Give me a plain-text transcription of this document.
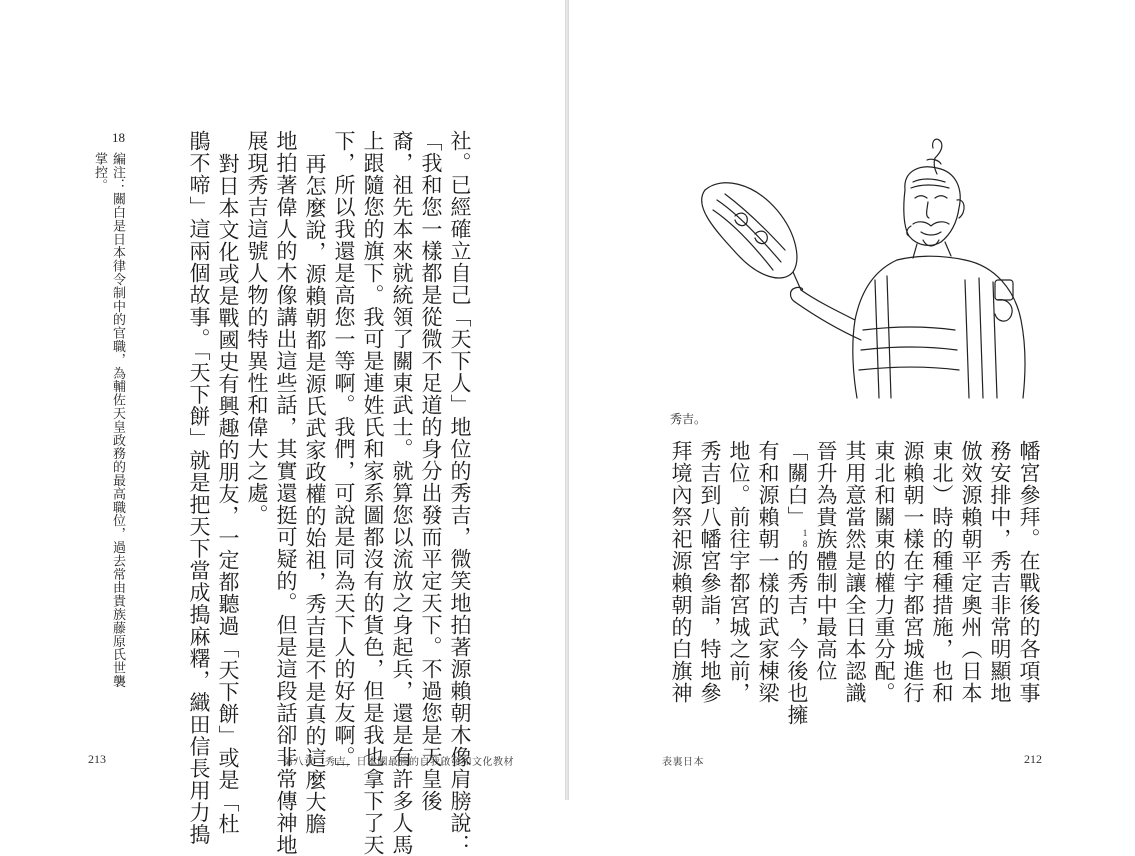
社。已經確立自己「天下人」地位的秀吉，微笑地拍著源賴朝木像肩膀說：
「我和您一樣都是從微不足道的身分出發而平定天下。不過您是天皇後
裔，祖先本來就統領了關東武士。就算您以流放之身起兵，還是有許多人馬
上跟隨您的旗下。我可是連姓氏和家系圖都沒有的貨色，但是我也拿下了天
下，所以我還是高您一等啊。我們，可說是同為天下人的好友啊。」
再怎麼說，源賴朝都是源氏武家政權的始祖，秀吉是不是真的這麼大膽
地拍著偉人的木像講出這些話，其實還挺可疑的。但是這段話卻非常傳神地
展現秀吉這號人物的特異性和偉大之處。
對日本文化或是戰國史有興趣的朋友，一定都聽過「天下餅」或是「杜
鵑不啼」這兩個故事。「天下餅」就是把天下當成搗麻糬，織田信長用力搗
18
編注：關白是日本律令制中的官職，為輔佐天皇政務的最高職位，過去常由貴族藤原氏世襲
掌控。
213	第八章　秀吉，日本國最強的自我啟發和文化教材
秀吉。
幡宮參拜。在戰後的各項事
務安排中，秀吉非常明顯地
倣效源賴朝平定奧州（日本
東北）時的種種措施，也和
源賴朝一樣在宇都宮城進行
東北和關東的權力重分配。
其用意當然是讓全日本認識
晉升為貴族體制中最高位
「關白」$^{18}$的秀吉，今後也擁
有和源賴朝一樣的武家棟梁
地位。前往宇都宮城之前，
秀吉到八幡宮參詣，特地參
拜境內祭祀源賴朝的白旗神
表裏日本	212
